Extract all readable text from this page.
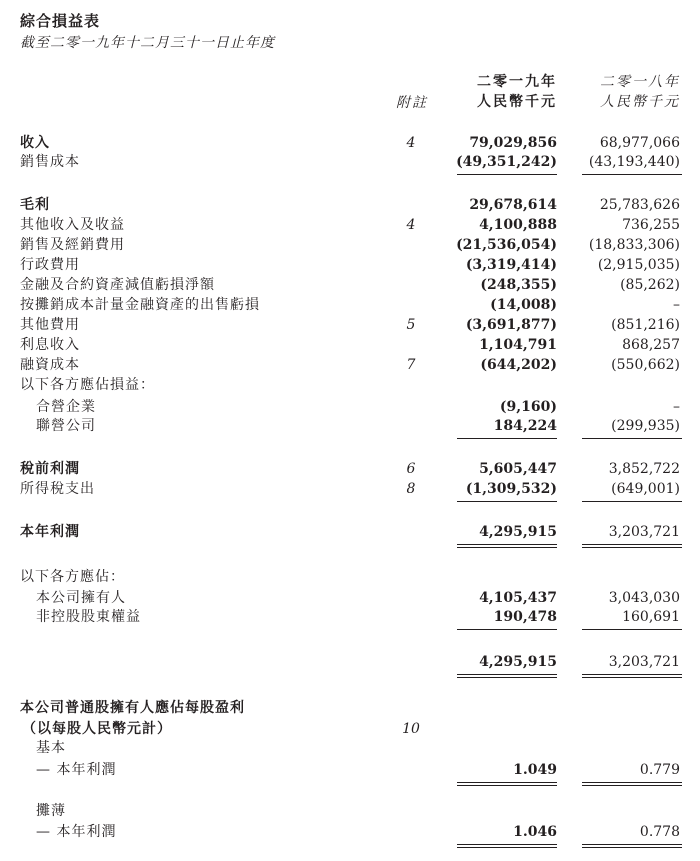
綜合損益表
截至二零一九年十二月三十一日止年度
附註
二零一九年
人民幣千元
二零一八年
人民幣千元
收入	4	79,029,856	68,977,066
銷售成本	(49,351,242) (43,193,440)
毛利	29,678,614	25,783,626
其他收入及收益	4	4,100,888	736,255
銷售及經銷費用	(21,536,054) (18,833,306)
行政費用	(3,319,414)	(2,915,035)
金融及合約資產減值虧損淨額	(248,355)	(85,262)
按攤銷成本計量金融資產的出售虧損	(14,008)	–
其他費用	5	(3,691,877)	(851,216)
利息收入	1,104,791	868,257
融資成本	7	(644,202)	(550,662)
以下各方應佔損益：
合營企業	(9,160)	–
聯營公司	184,224	(299,935)
稅前利潤	6	5,605,447	3,852,722
所得稅支出	8	(1,309,532)	(649,001)
本年利潤	4,295,915	3,203,721
以下各方應佔：
本公司擁有人	4,105,437	3,043,030
非控股股東權益	190,478	160,691
4,295,915	3,203,721
本公司普通股擁有人應佔每股盈利
（以每股人民幣元計）	10
基本
— 本年利潤	1.049	0.779
攤薄
— 本年利潤	1.046	0.778
